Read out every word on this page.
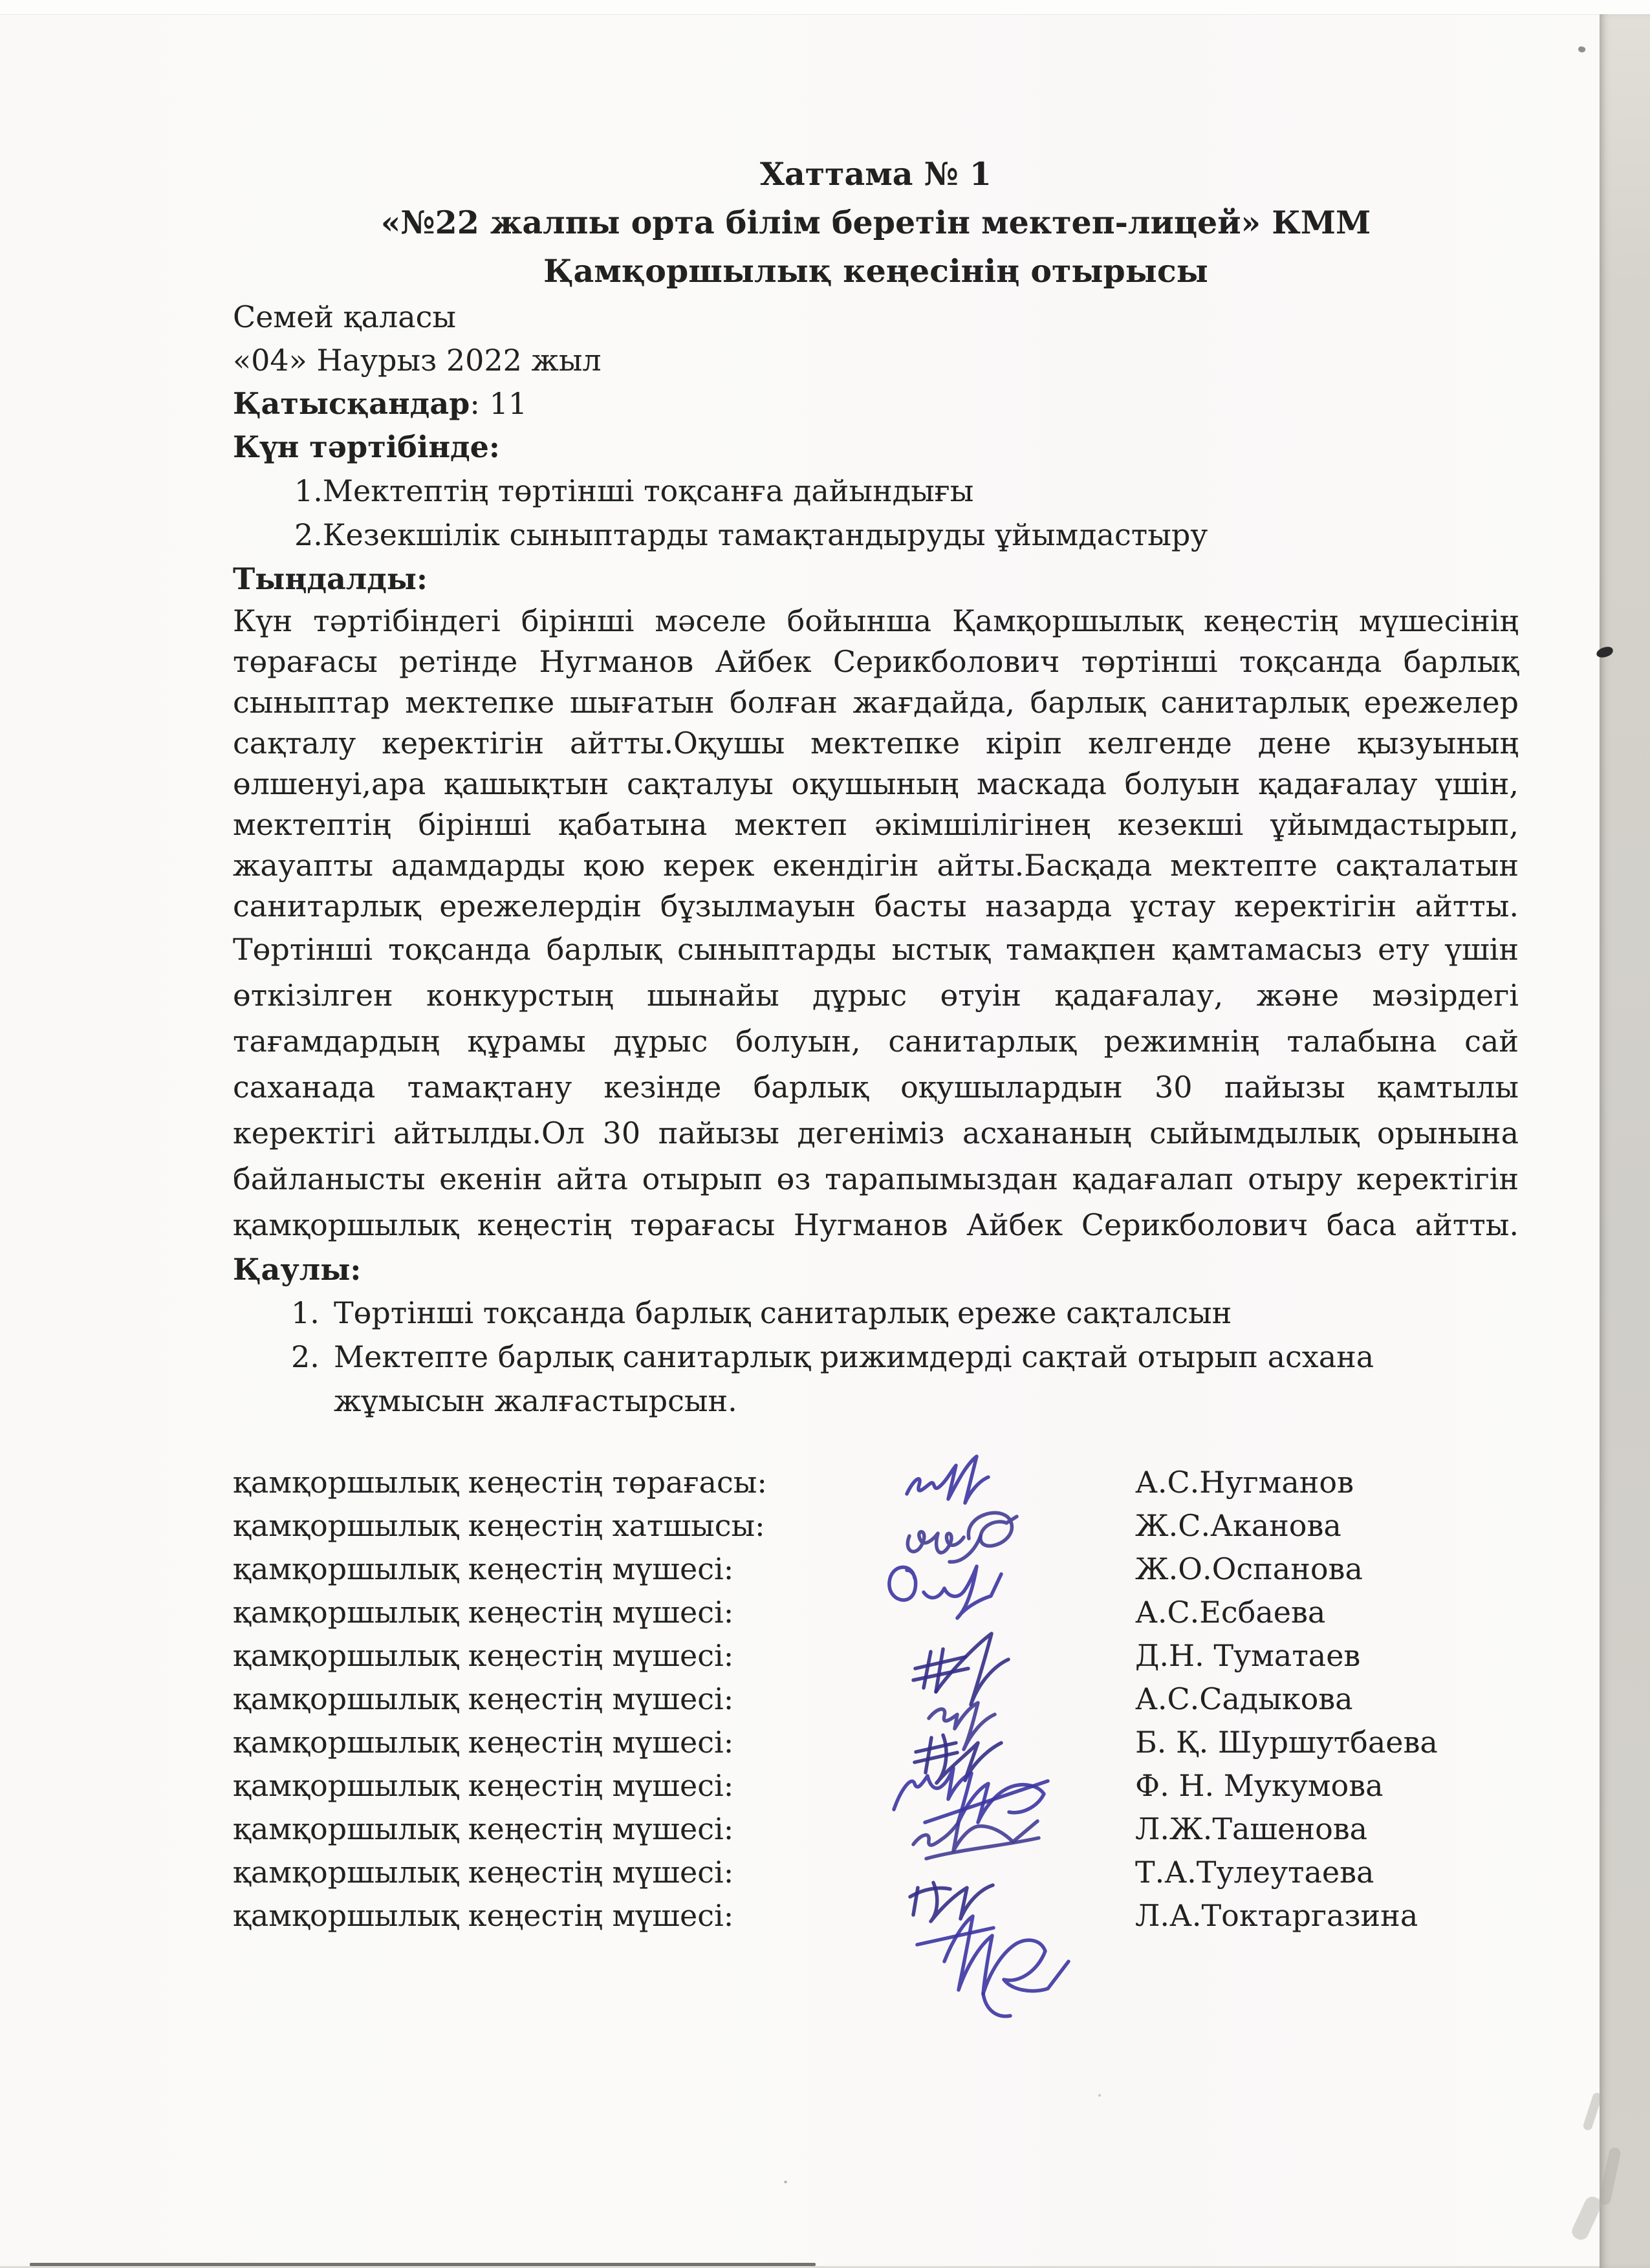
Хаттама № 1
«№22 жалпы орта білім беретін мектеп-лицей» КММ
Қамқоршылық кеңесінің отырысы
Семей қаласы
«04» Наурыз 2022 жыл
Қатысқандар: 11
Күн тәртібінде:
1.Мектептің төртінші тоқсанға дайындығы
2.Кезекшілік сыныптарды тамақтандыруды ұйымдастыру
Тыңдалды:
Күн тәртібіндегі бірінші мәселе бойынша Қамқоршылық кеңестің мүшесінің
төрағасы ретінде Нугманов Айбек Серикболович төртінші тоқсанда барлық
сыныптар мектепке шығатын болған жағдайда, барлық санитарлық ережелер
сақталу керектігін айтты.Оқушы мектепке кіріп келгенде дене қызуының
өлшенуі,ара қашықтын сақталуы оқушының маскада болуын қадағалау үшін,
мектептің бірінші қабатына мектеп әкімшілігінең кезекші ұйымдастырып,
жауапты адамдарды қою керек екендігін айты.Басқада мектепте сақталатын
санитарлық ережелердін бұзылмауын басты назарда ұстау керектігін айтты.
Төртінші тоқсанда барлық сыныптарды ыстық тамақпен қамтамасыз ету үшін
өткізілген конкурстың шынайы дұрыс өтуін қадағалау, және мәзірдегі
тағамдардың құрамы дұрыс болуын, санитарлық режимнің талабына сай
саханада тамақтану кезінде барлық оқушылардын 30 пайызы қамтылы
керектігі айтылды.Ол 30 пайызы дегеніміз асхананың сыйымдылық орынына
байланысты екенін айта отырып өз тарапымыздан қадағалап отыру керектігін
қамқоршылық кеңестің төрағасы Нугманов Айбек Серикболович баса айтты.
Қаулы:
1. Төртінші тоқсанда барлық санитарлық ереже сақталсын
2. Мектепте барлық санитарлық рижимдерді сақтай отырып асхана
жұмысын жалғастырсын.
қамқоршылық кеңестің төрағасы:	А.С.Нугманов
қамқоршылық кеңестің хатшысы:	Ж.С.Аканова
қамқоршылық кеңестің мүшесі:	Ж.О.Оспанова
қамқоршылық кеңестің мүшесі:	А.С.Есбаева
қамқоршылық кеңестің мүшесі:	Д.Н. Туматаев
қамқоршылық кеңестің мүшесі:	А.С.Садыкова
қамқоршылық кеңестің мүшесі:	Б. Қ. Шуршутбаева
қамқоршылық кеңестің мүшесі:	Ф. Н. Мукумова
қамқоршылық кеңестің мүшесі:	Л.Ж.Ташенова
қамқоршылық кеңестің мүшесі:	Т.А.Тулеутаева
қамқоршылық кеңестің мүшесі:	Л.А.Токтаргазина
